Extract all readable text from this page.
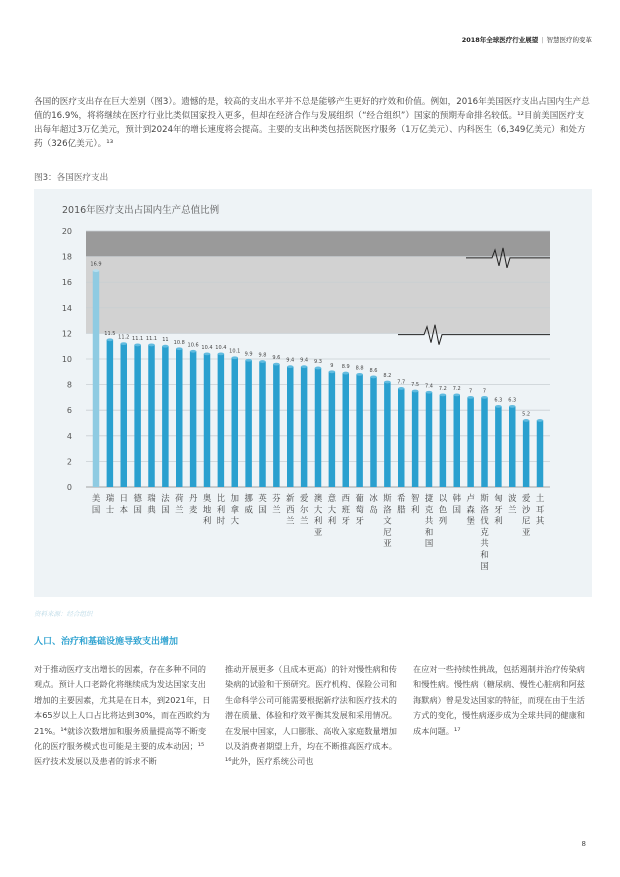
2018年全球医疗行业展望 | 智慧医疗的变革
各国的医疗支出存在巨大差别（图3）。遗憾的是，较高的支出水平并不总是能够产生更好的疗效和价值。例如，2016年美国医疗支出占国内生产总值的16.9%，将将继续在医疗行业比类似国家投入更多，但却在经济合作与发展组织（“经合组织”）国家的预期寿命排名较低。¹²目前美国医疗支出每年超过3万亿美元，预计到2024年的增长速度将会提高。主要的支出种类包括医院医疗服务（1万亿美元）、内科医生（6,349亿美元）和处方药（326亿美元）。¹³
图3：各国医疗支出
2016年医疗支出占国内生产总值比例
0
2
4
6
8
10
12
14
16
18
20
16.9
美国
11.5
瑞士
11.2
日本
11.1
德国
11.1
瑞典
11
法国
10.8
荷兰
10.6
丹麦
10.4
奥地利
10.4
比利时
10.1
加拿大
9.9
挪威
9.8
英国
9.6
芬兰
9.4
新西兰
9.4
爱尔兰
9.3
澳大利亚
9
意大利
8.9
西班牙
8.8
葡萄牙
8.6
冰岛
8.2
斯洛文尼亚
7.7
希腊
7.5
智利
7.4
捷克共和国
7.2
以色列
7.2
韩国
7
卢森堡
7
斯洛伐克共和国
6.3
匈牙利
6.3
波兰
5.2
爱沙尼亚
土耳其
资料来源：经合组织
人口、治疗和基础设施导致支出增加
对于推动医疗支出增长的因素，存在多种不同的观点。预计人口老龄化将继续成为发达国家支出增加的主要因素，尤其是在日本，到2021年，日本65岁以上人口占比将达到30%，而在西欧约为21%。¹⁴就诊次数增加和服务质量提高等不断变化的医疗服务模式也可能是主要的成本动因；¹⁵医疗技术发展以及患者的诉求不断
推动开展更多（且成本更高）的针对慢性病和传染病的试验和干预研究。医疗机构、保险公司和生命科学公司可能需要根据新疗法和医疗技术的潜在质量、体验和疗效平衡其发展和采用情况。在发展中国家，人口膨胀、高收入家庭数量增加以及消费者期望上升，均在不断推高医疗成本。¹⁶此外，医疗系统公司也
在应对一些持续性挑战，包括遏制并治疗传染病和慢性病。慢性病（糖尿病、慢性心脏病和阿兹海默病）曾是发达国家的特征，而现在由于生活方式的变化，慢性病逐步成为全球共同的健康和成本问题。¹⁷
8
